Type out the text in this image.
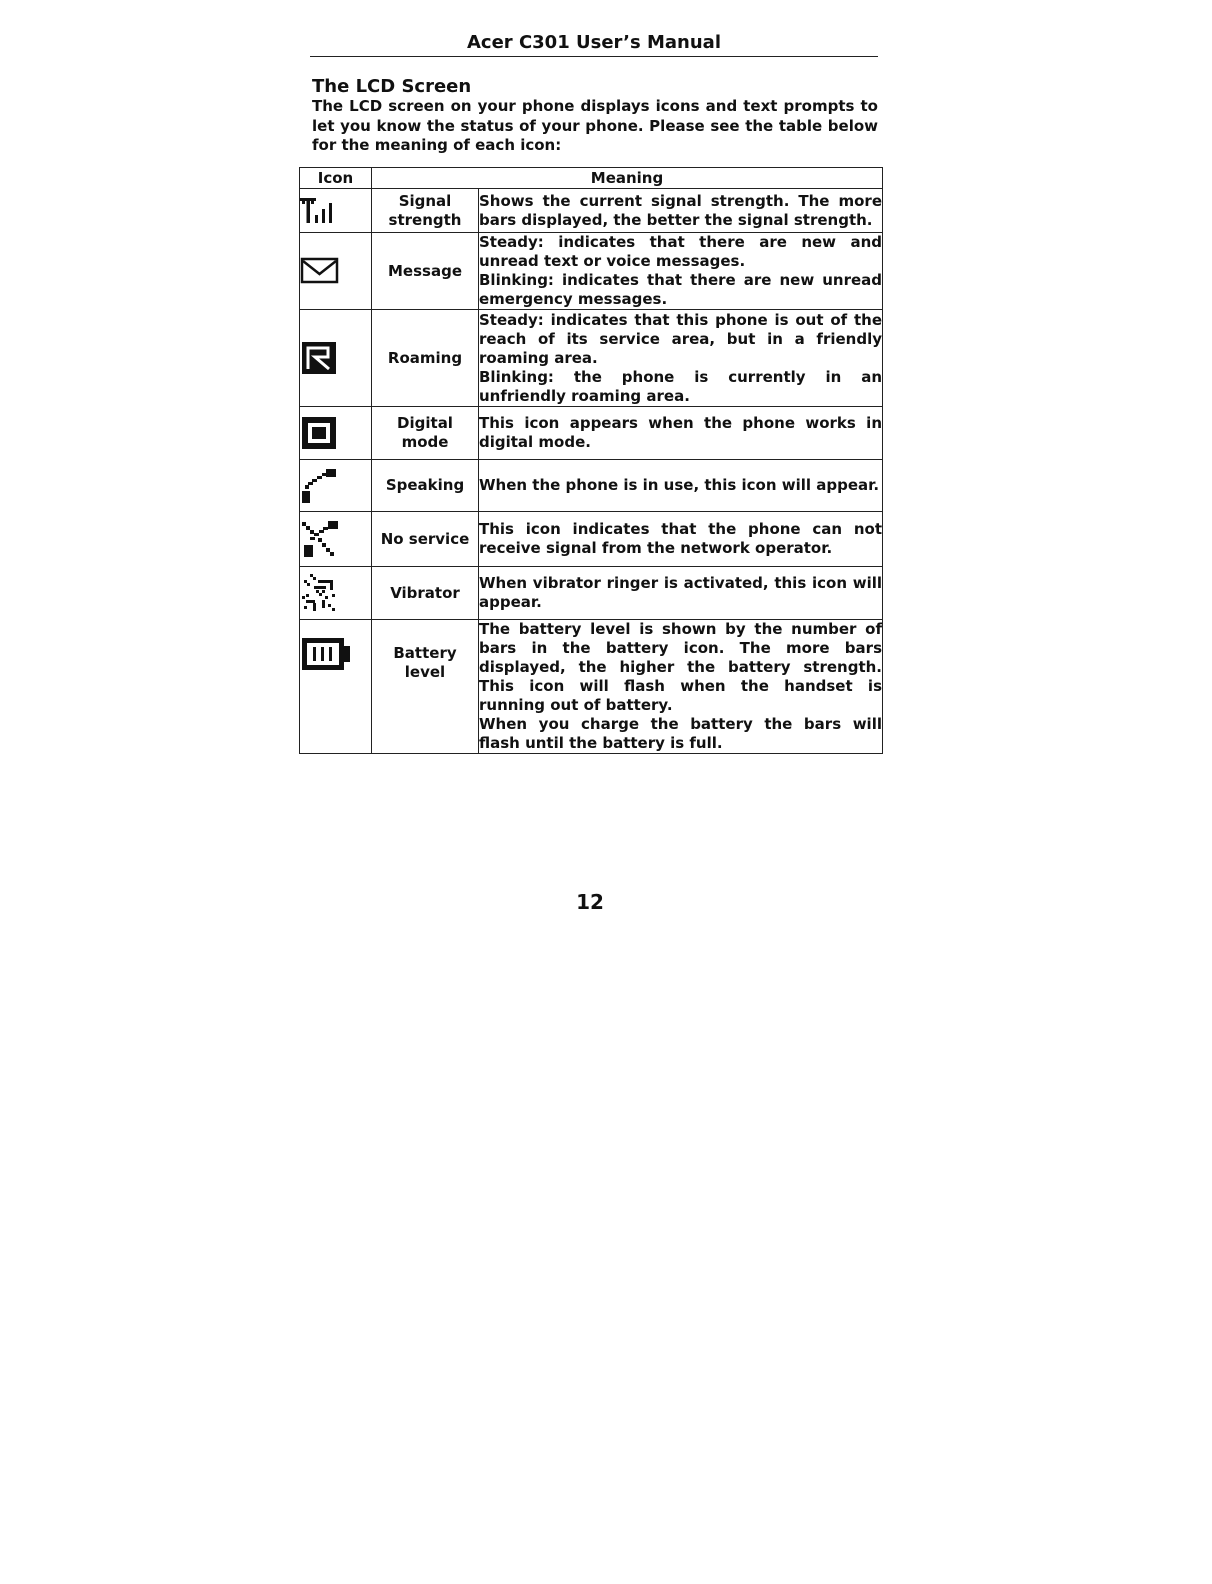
Acer C301 User’s Manual
The LCD Screen
The LCD screen on your phone displays icons and text prompts to let you know the status of your phone. Please see the table below for the meaning of each icon:
Icon	Meaning	

	Signal strength	Shows the current signal strength. The more bars displayed, the better the signal strength.

	Message	Steady: indicates that there are new and unread text or voice messages.
Blinking: indicates that there are new unread emergency messages.

	Roaming	Steady: indicates that this phone is out of the reach of its service area, but in a friendly roaming area.
Blinking: the phone is currently in an unfriendly roaming area.

	Digital mode	This icon appears when the phone works in digital mode.

	Speaking	When the phone is in use, this icon will appear.

	No service	This icon indicates that the phone can not receive signal from the network operator.

	Vibrator	When vibrator ringer is activated, this icon will appear.

	Battery level	The battery level is shown by the number of bars in the battery icon. The more bars displayed, the higher the battery strength. This icon will flash when the handset is running out of battery.
When you charge the battery the bars will flash until the battery is full.
12
